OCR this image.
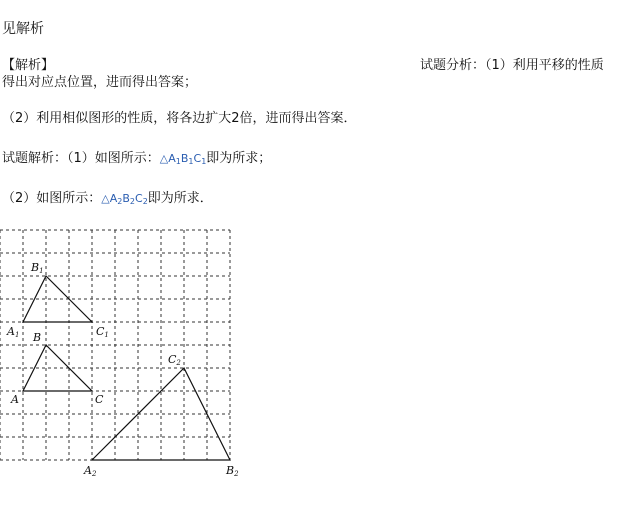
见解析
【解析】	试题分析：（1）利用平移的性质
得出对应点位置，进而得出答案；
（2）利用相似图形的性质，将各边扩大2倍，进而得出答案．
试题解析：（1）如图所示：$\triangle A_1B_1C_1$即为所求；
（2）如图所示：$\triangle A_2B_2C_2$即为所求．
B1
A1	C1
B
A	C
C2
A2	B2
